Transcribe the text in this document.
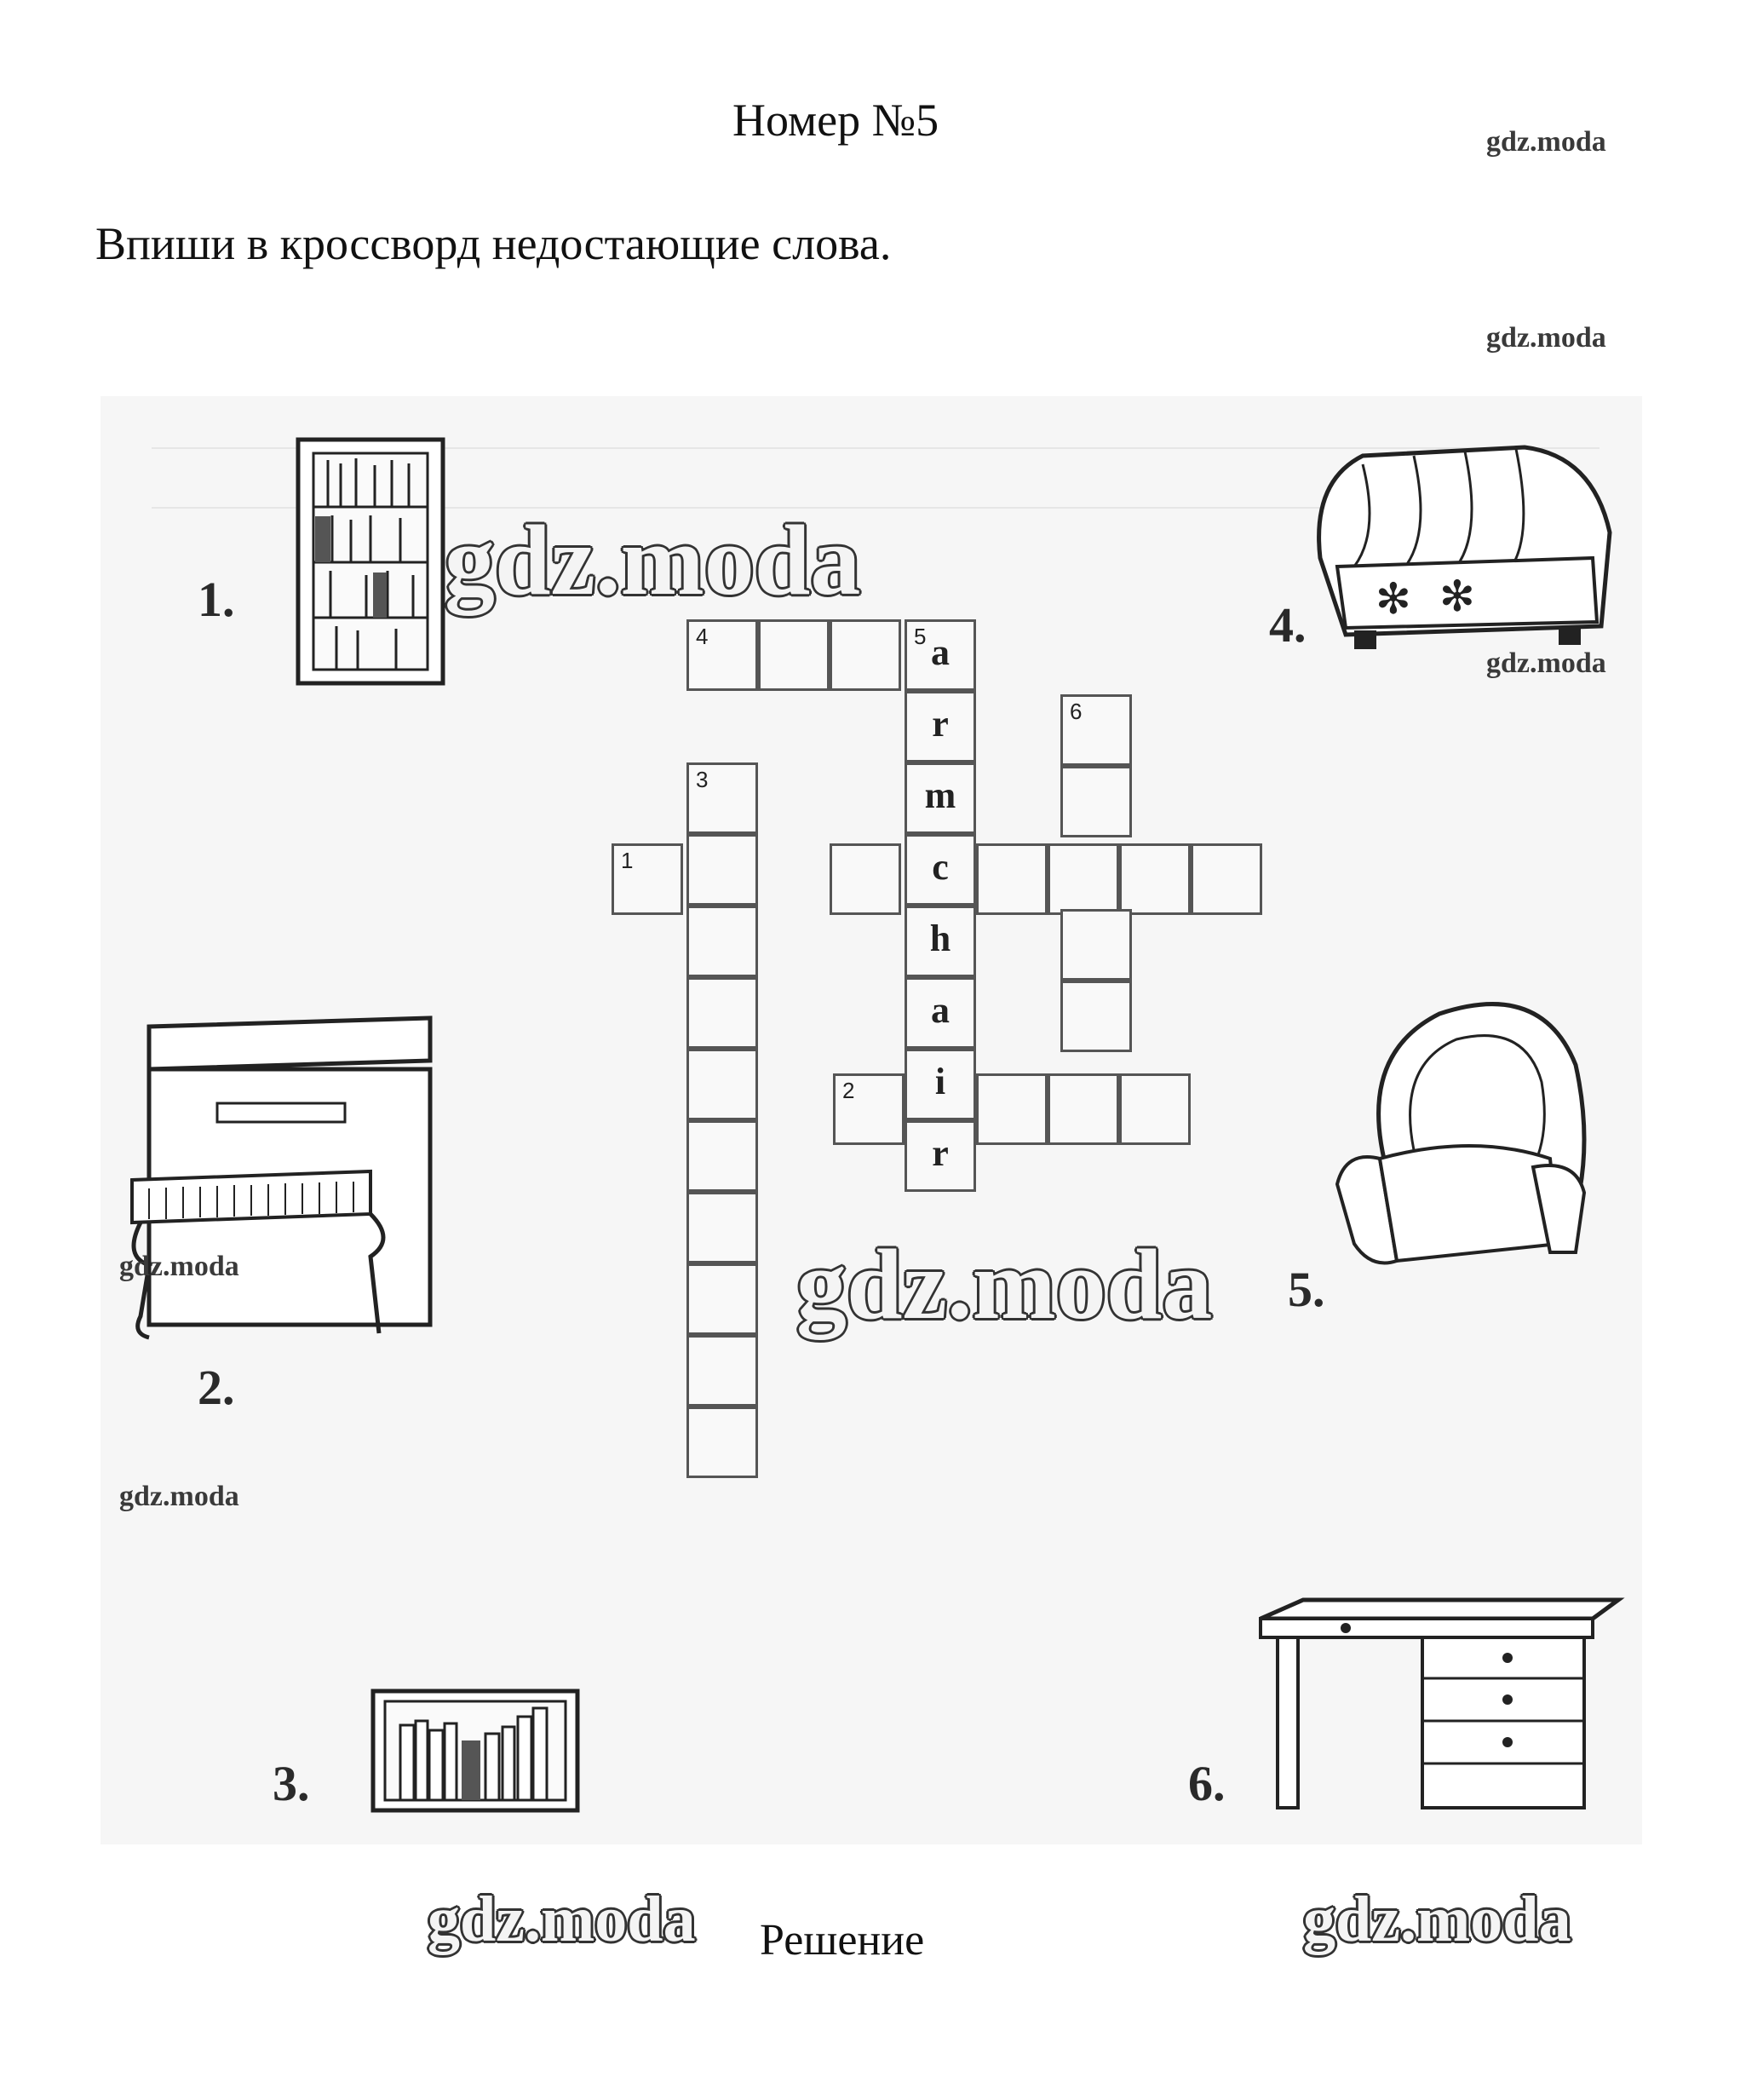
Номер №5	gdz.moda
Впиши в кроссворд недостающие слова.
gdz.moda
1.	✻ ✻
4.
gdz.moda
gdz.moda
2.
gdz.moda
5.
3.	6.
4	5 a
r
m
c
h
a
i
r
3
1
6
2
gdz.moda
gdz.moda
gdz.moda	gdz.moda
Решение
